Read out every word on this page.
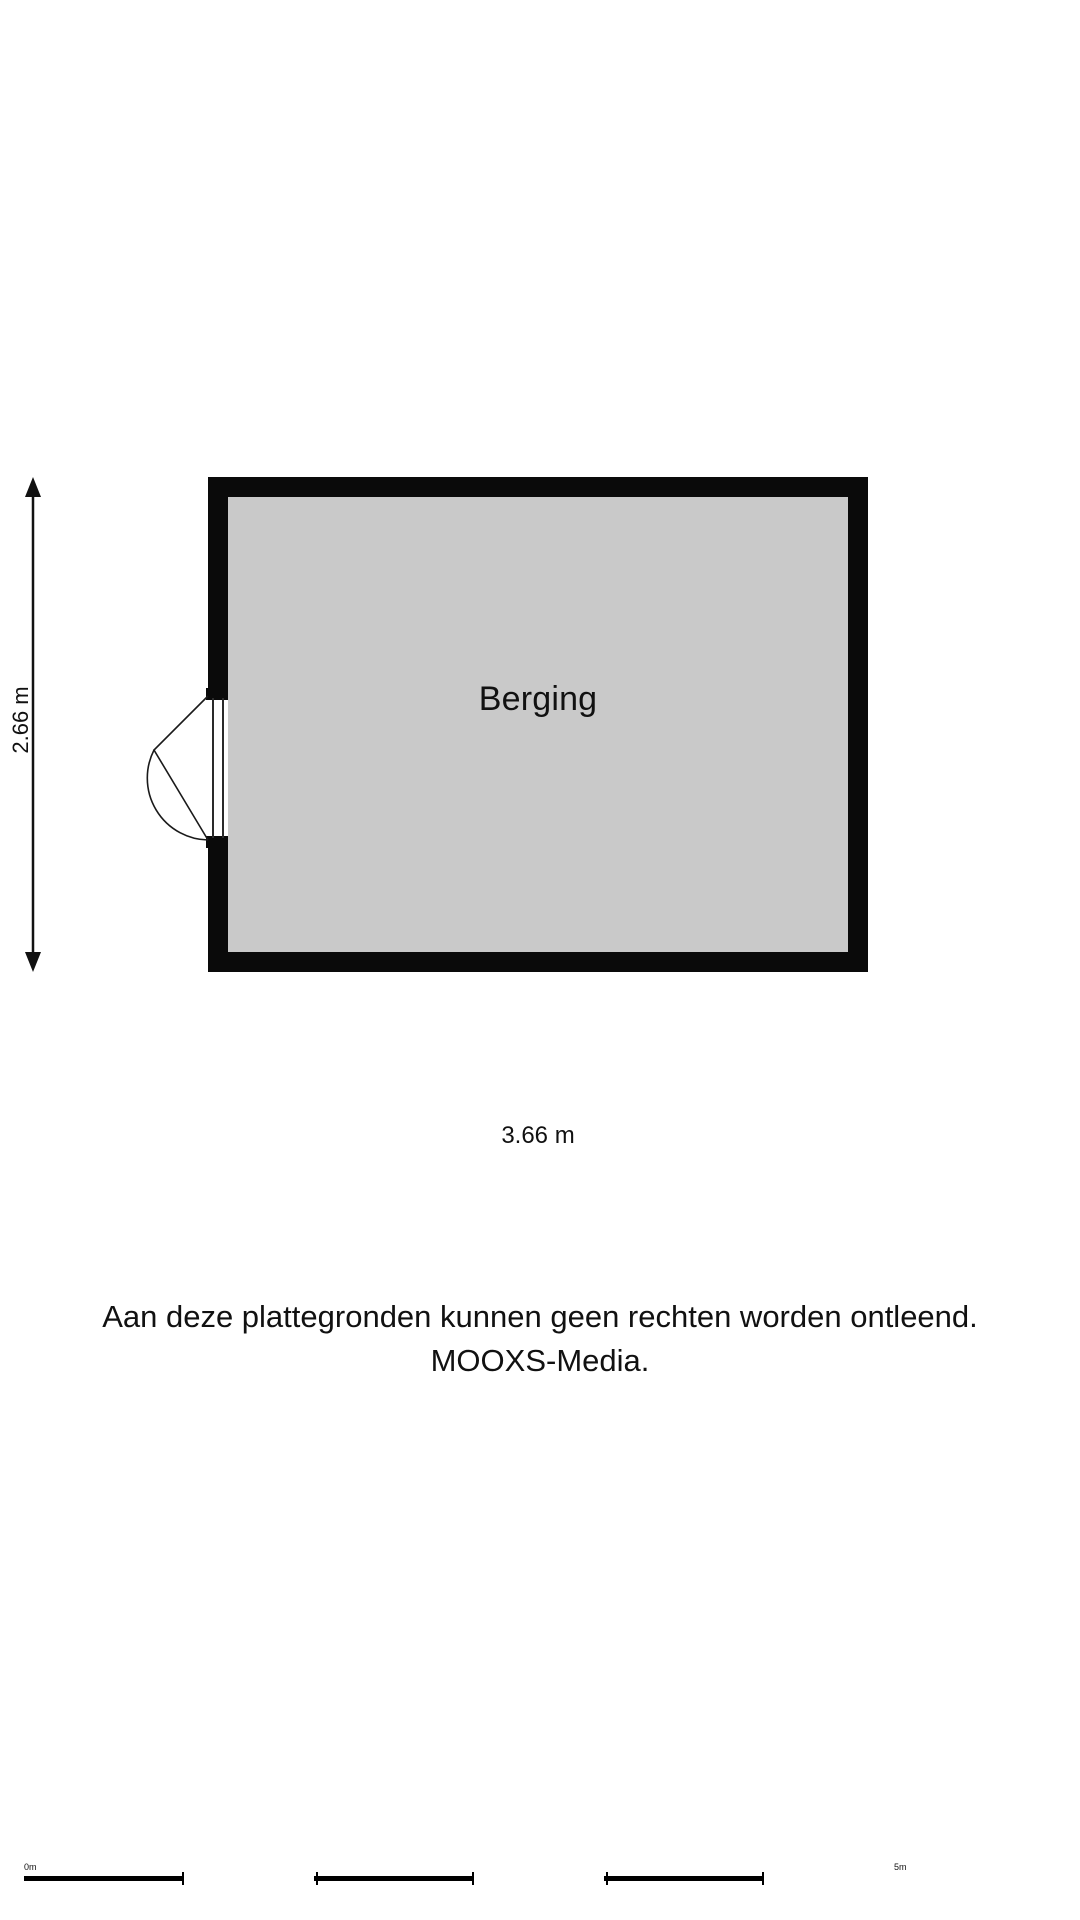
Berging
2.66 m
3.66 m
Aan deze plattegronden kunnen geen rechten worden ontleend.
MOOXS-Media.
0m	5m
